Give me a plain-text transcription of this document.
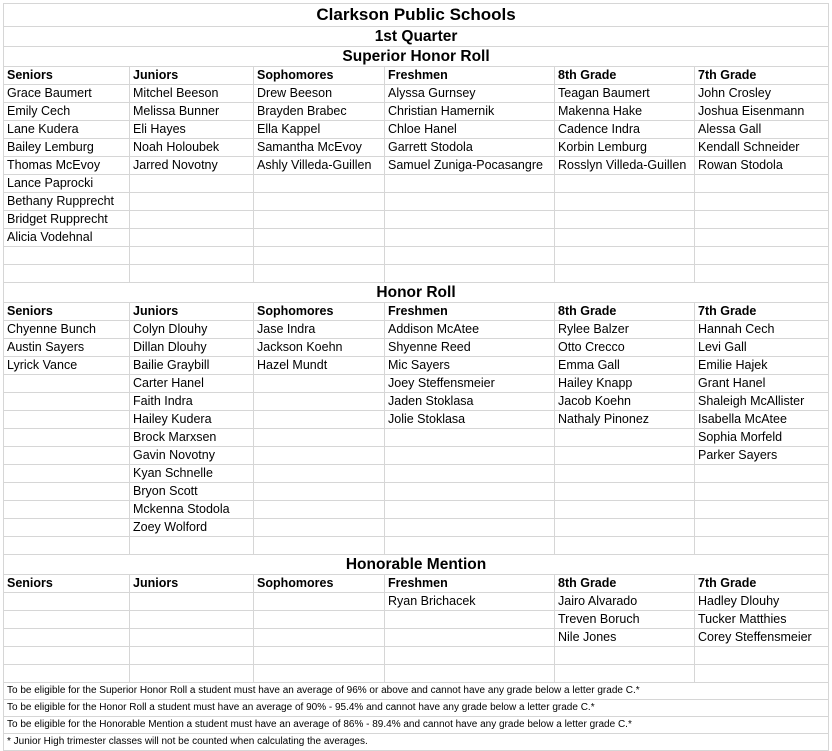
Clarkson Public Schools					
1st Quarter					
Superior Honor Roll					
Seniors	Juniors	Sophomores	Freshmen	8th Grade	7th Grade
Grace Baumert	Mitchel Beeson	Drew Beeson	Alyssa Gurnsey	Teagan Baumert	John Crosley
Emily Cech	Melissa Bunner	Brayden Brabec	Christian Hamernik	Makenna Hake	Joshua Eisenmann
Lane Kudera	Eli Hayes	Ella Kappel	Chloe Hanel	Cadence Indra	Alessa Gall
Bailey Lemburg	Noah Holoubek	Samantha McEvoy	Garrett Stodola	Korbin Lemburg	Kendall Schneider
Thomas McEvoy	Jarred Novotny	Ashly Villeda-Guillen	Samuel Zuniga-Pocasangre	Rosslyn Villeda-Guillen	Rowan Stodola
Lance Paprocki					
Bethany Rupprecht					
Bridget Rupprecht					
Alicia Vodehnal					

Honor Roll					
Seniors	Juniors	Sophomores	Freshmen	8th Grade	7th Grade
Chyenne Bunch	Colyn Dlouhy	Jase Indra	Addison McAtee	Rylee Balzer	Hannah Cech
Austin Sayers	Dillan Dlouhy	Jackson Koehn	Shyenne Reed	Otto Crecco	Levi Gall
Lyrick Vance	Bailie Graybill	Hazel Mundt	Mic Sayers	Emma Gall	Emilie Hajek
	Carter Hanel		Joey Steffensmeier	Hailey Knapp	Grant Hanel
	Faith Indra		Jaden Stoklasa	Jacob Koehn	Shaleigh McAllister
	Hailey Kudera		Jolie Stoklasa	Nathaly Pinonez	Isabella McAtee
	Brock Marxsen				Sophia Morfeld
	Gavin Novotny				Parker Sayers
	Kyan Schnelle				
	Bryon Scott				
	Mckenna Stodola				
	Zoey Wolford				

Honorable Mention					
Seniors	Juniors	Sophomores	Freshmen	8th Grade	7th Grade
			Ryan Brichacek	Jairo Alvarado	Hadley Dlouhy
				Treven Boruch	Tucker Matthies
				Nile Jones	Corey Steffensmeier

To be eligible for the Superior Honor Roll a student must have an average of 96% or above and cannot have any grade below a letter grade C.*					
To be eligible for the Honor Roll a student must have an average of 90% - 95.4% and cannot have any grade below a letter grade C.*					
To be eligible for the Honorable Mention a student must have an average of 86% - 89.4% and cannot have any grade below a letter grade C.*					
* Junior High trimester classes will not be counted when calculating the averages.					
